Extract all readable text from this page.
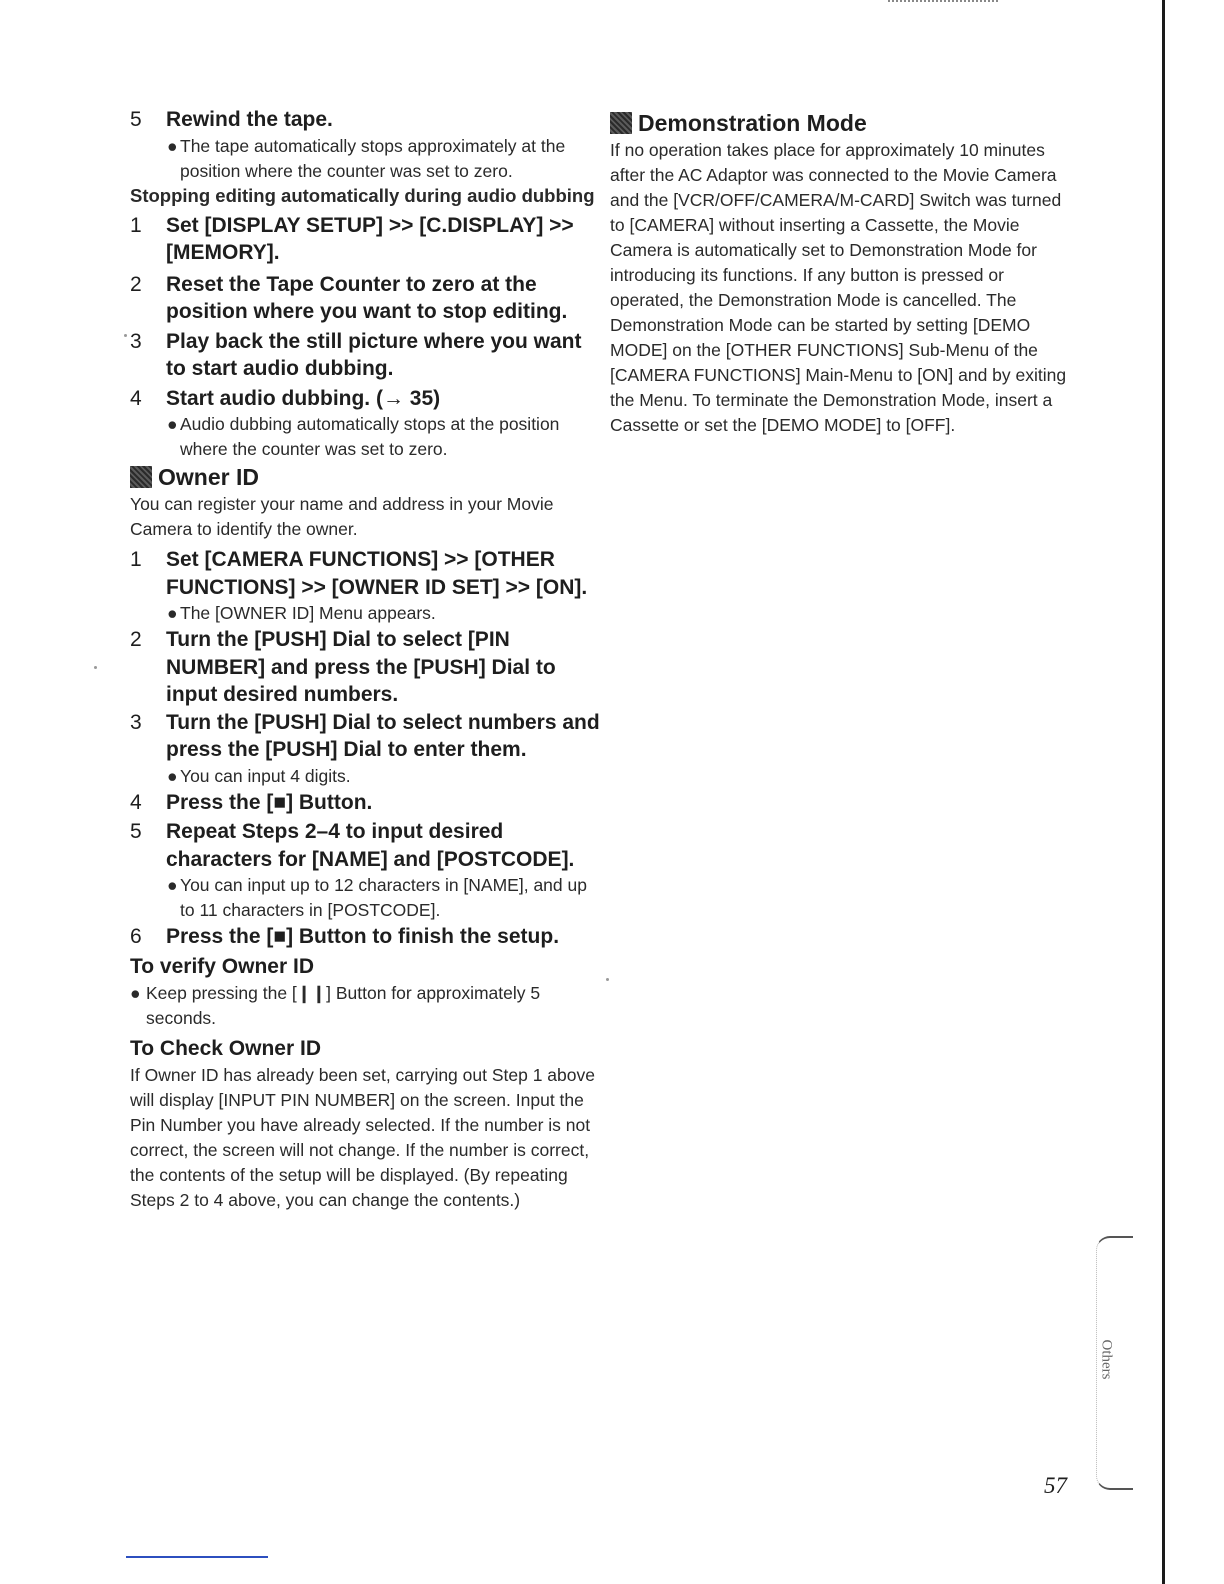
5 Rewind the tape.
● The tape automatically stops approximately at the position where the counter was set to zero.
Stopping editing automatically during audio dubbing
1 Set [DISPLAY SETUP] >> [C.DISPLAY] >> [MEMORY].
2 Reset the Tape Counter to zero at the position where you want to stop editing.
3 Play back the still picture where you want to start audio dubbing.
4 Start audio dubbing. (→ 35)
● Audio dubbing automatically stops at the position where the counter was set to zero.
Owner ID
You can register your name and address in your Movie Camera to identify the owner.
1 Set [CAMERA FUNCTIONS] >> [OTHER FUNCTIONS] >> [OWNER ID SET] >> [ON].
● The [OWNER ID] Menu appears.
2 Turn the [PUSH] Dial to select [PIN NUMBER] and press the [PUSH] Dial to input desired numbers.
3 Turn the [PUSH] Dial to select numbers and press the [PUSH] Dial to enter them.
● You can input 4 digits.
4 Press the [■] Button.
5 Repeat Steps 2–4 to input desired characters for [NAME] and [POSTCODE].
● You can input up to 12 characters in [NAME], and up to 11 characters in [POSTCODE].
6 Press the [■] Button to finish the setup.
To verify Owner ID
● Keep pressing the [❙❙] Button for approximately 5 seconds.
To Check Owner ID
If Owner ID has already been set, carrying out Step 1 above will display [INPUT PIN NUMBER] on the screen. Input the Pin Number you have already selected. If the number is not correct, the screen will not change. If the number is correct, the contents of the setup will be displayed. (By repeating Steps 2 to 4 above, you can change the contents.)
Demonstration Mode
If no operation takes place for approximately 10 minutes after the AC Adaptor was connected to the Movie Camera and the [VCR/OFF/CAMERA/M-CARD] Switch was turned to [CAMERA] without inserting a Cassette, the Movie Camera is automatically set to Demonstration Mode for introducing its functions. If any button is pressed or operated, the Demonstration Mode is cancelled. The Demonstration Mode can be started by setting [DEMO MODE] on the [OTHER FUNCTIONS] Sub-Menu of the [CAMERA FUNCTIONS] Main-Menu to [ON] and by exiting the Menu. To terminate the Demonstration Mode, insert a Cassette or set the [DEMO MODE] to [OFF].
Others
57
